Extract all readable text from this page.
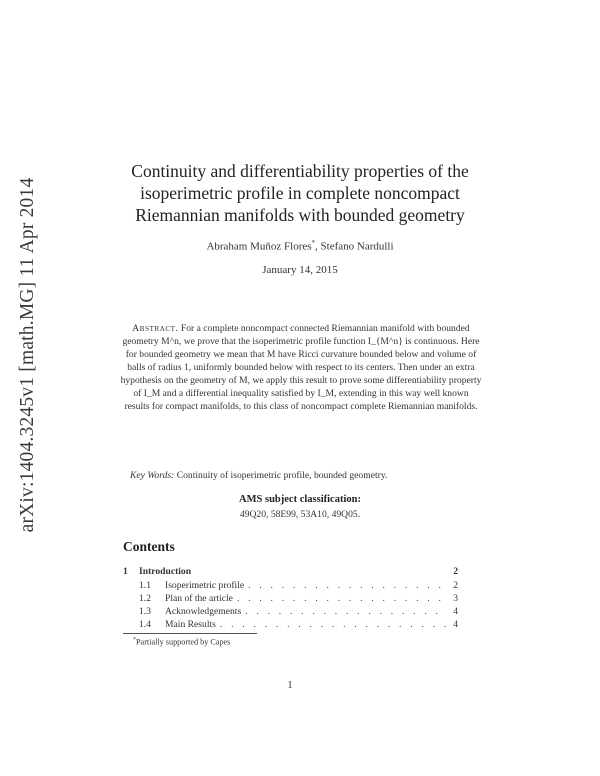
arXiv:1404.3245v1 [math.MG] 11 Apr 2014
Continuity and differentiability properties of the
isoperimetric profile in complete noncompact
Riemannian manifolds with bounded geometry
Abraham Muñoz Flores*, Stefano Nardulli
January 14, 2015
Abstract. For a complete noncompact connected Riemannian manifold with bounded geometry M^n, we prove that the isoperimetric profile function I_{M^n} is continuous. Here for bounded geometry we mean that M have Ricci curvature bounded below and volume of balls of radius 1, uniformly bounded below with respect to its centers. Then under an extra hypothesis on the geometry of M, we apply this result to prove some differentiability property of I_M and a differential inequality satisfied by I_M, extending in this way well known results for compact manifolds, to this class of noncompact complete Riemannian manifolds.
Key Words: Continuity of isoperimetric profile, bounded geometry.
AMS subject classification:
49Q20, 58E99, 53A10, 49Q05.
Contents
1	Introduction	2
1.1	Isoperimetric profile . . .	2
1.2	Plan of the article . . .	3
1.3	Acknowledgements . . .	4
1.4	Main Results . . .	4
*Partially supported by Capes
1
